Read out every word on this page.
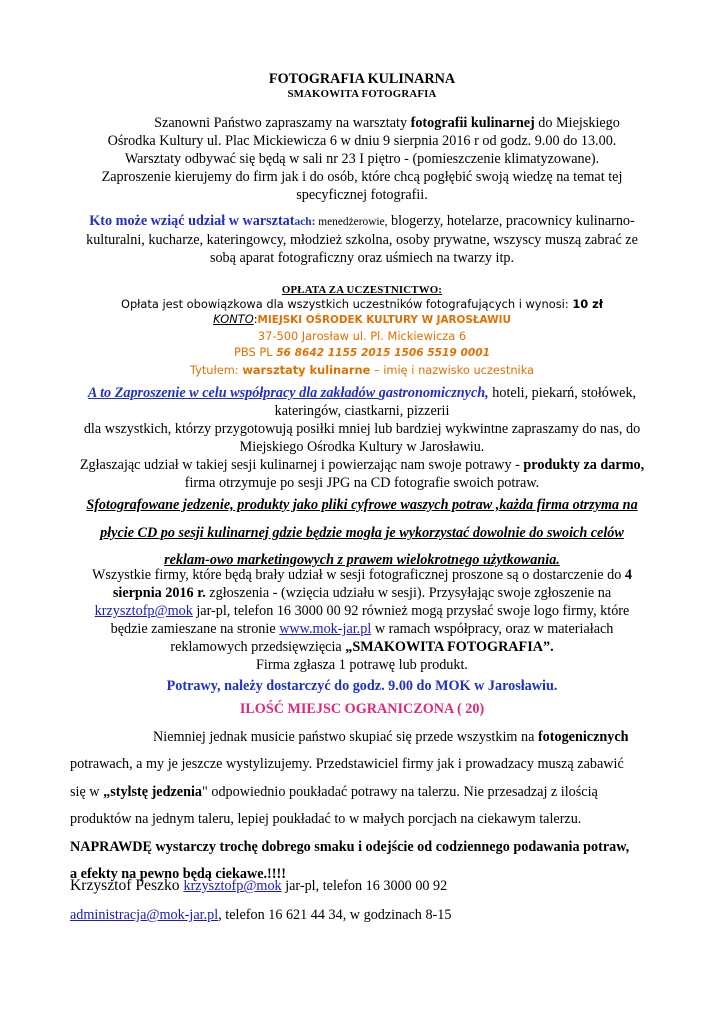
FOTOGRAFIA KULINARNA
SMAKOWITA FOTOGRAFIA
Szanowni Państwo zapraszamy na warsztaty fotografii kulinarnej do Miejskiego
Ośrodka Kultury ul. Plac Mickiewicza 6 w dniu 9 sierpnia 2016 r od godz. 9.00 do 13.00.
Warsztaty odbywać się będą w sali nr 23 I piętro - (pomieszczenie klimatyzowane).
Zaproszenie kierujemy do firm jak i do osób, które chcą pogłębić swoją wiedzę na temat tej
specyficznej fotografii.
Kto może wziąć udział w warsztatach: menedżerowie, blogerzy, hotelarze, pracownicy kulinarno-
kulturalni, kucharze, kateringowcy, młodzież szkolna, osoby prywatne, wszyscy muszą zabrać ze
sobą aparat fotograficzny oraz uśmiech na twarzy itp.
OPŁATA ZA UCZESTNICTWO:
Opłata jest obowiązkowa dla wszystkich uczestników fotografujących i wynosi: 10 zł
KONTO:MIEJSKI OŚRODEK KULTURY W JAROSŁAWIU
37-500 Jarosław ul. Pl. Mickiewicza 6
PBS PL 56 8642 1155 2015 1506 5519 0001
Tytułem: warsztaty kulinarne – imię i nazwisko uczestnika
A to Zaproszenie w celu współpracy dla zakładów gastronomicznych, hoteli, piekarń, stołówek,
kateringów, ciastkarni, pizzerii
dla wszystkich, którzy przygotowują posiłki mniej lub bardziej wykwintne zapraszamy do nas, do
Miejskiego Ośrodka Kultury w Jarosławiu.
Zgłaszając udział w takiej sesji kulinarnej i powierzając nam swoje potrawy - produkty za darmo,
firma otrzymuje po sesji JPG na CD fotografie swoich potraw.
Sfotografowane jedzenie, produkty jako pliki cyfrowe waszych potraw ,każda firma otrzyma na
płycie CD po sesji kulinarnej gdzie będzie mogła je wykorzystać dowolnie do swoich celów
reklam-owo marketingowych z prawem wielokrotnego użytkowania.
Wszystkie firmy, które będą brały udział w sesji fotograficznej proszone są o dostarczenie do 4
sierpnia 2016 r. zgłoszenia - (wzięcia udziału w sesji). Przysyłając swoje zgłoszenie na
krzysztofp@mok jar-pl, telefon 16 3000 00 92 również mogą przysłać swoje logo firmy, które
będzie zamieszane na stronie www.mok-jar.pl w ramach współpracy, oraz w materiałach
reklamowych przedsięwzięcia „SMAKOWITA FOTOGRAFIA”.
Firma zgłasza 1 potrawę lub produkt.
Potrawy, należy dostarczyć do godz. 9.00 do MOK w Jarosławiu.
ILOŚĆ MIEJSC OGRANICZONA ( 20)
Niemniej jednak musicie państwo skupiać się przede wszystkim na fotogenicznych
potrawach, a my je jeszcze wystylizujemy. Przedstawiciel firmy jak i prowadzacy muszą zabawić
się w „stylstę jedzenia" odpowiednio poukładać potrawy na talerzu. Nie przesadzaj z ilością
produktów na jednym taleru, lepiej poukładać to w małych porcjach na ciekawym talerzu.
NAPRAWDĘ wystarczy trochę dobrego smaku i odejście od codziennego podawania potraw,
a efekty na pewno będą ciekawe.!!!!
Krzysztof Peszko krzysztofp@mok jar-pl, telefon 16 3000 00 92
administracja@mok-jar.pl, telefon 16 621 44 34, w godzinach 8-15
